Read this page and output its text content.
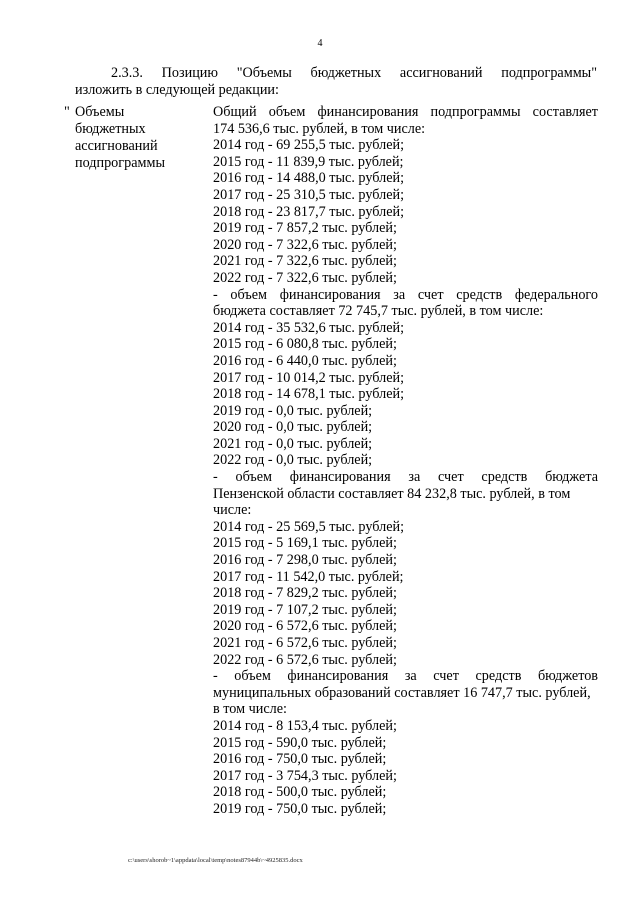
4
2.3.3. Позицию "Объемы бюджетных ассигнований подпрограммы"
изложить в следующей редакции:
" Объемы
бюджетных
ассигнований
подпрограммы
Общий объем финансирования подпрограммы составляет
174 536,6 тыс. рублей, в том числе:
2014 год - 69 255,5 тыс. рублей;
2015 год - 11 839,9 тыс. рублей;
2016 год - 14 488,0 тыс. рублей;
2017 год - 25 310,5 тыс. рублей;
2018 год - 23 817,7 тыс. рублей;
2019 год - 7 857,2 тыс. рублей;
2020 год - 7 322,6 тыс. рублей;
2021 год - 7 322,6 тыс. рублей;
2022 год - 7 322,6 тыс. рублей;
- объем финансирования за счет средств федерального
бюджета составляет 72 745,7 тыс. рублей, в том числе:
2014 год - 35 532,6 тыс. рублей;
2015 год - 6 080,8 тыс. рублей;
2016 год - 6 440,0 тыс. рублей;
2017 год - 10 014,2 тыс. рублей;
2018 год - 14 678,1 тыс. рублей;
2019 год - 0,0 тыс. рублей;
2020 год - 0,0 тыс. рублей;
2021 год - 0,0 тыс. рублей;
2022 год - 0,0 тыс. рублей;
- объем финансирования за счет средств бюджета
Пензенской области составляет 84 232,8 тыс. рублей, в том
числе:
2014 год - 25 569,5 тыс. рублей;
2015 год - 5 169,1 тыс. рублей;
2016 год - 7 298,0 тыс. рублей;
2017 год - 11 542,0 тыс. рублей;
2018 год - 7 829,2 тыс. рублей;
2019 год - 7 107,2 тыс. рублей;
2020 год - 6 572,6 тыс. рублей;
2021 год - 6 572,6 тыс. рублей;
2022 год - 6 572,6 тыс. рублей;
- объем финансирования за счет средств бюджетов
муниципальных образований составляет 16 747,7 тыс. рублей,
в том числе:
2014 год - 8 153,4 тыс. рублей;
2015 год - 590,0 тыс. рублей;
2016 год - 750,0 тыс. рублей;
2017 год - 3 754,3 тыс. рублей;
2018 год - 500,0 тыс. рублей;
2019 год - 750,0 тыс. рублей;
c:\users\shorob~1\appdata\local\temp\notes87944b\~4925835.docx
